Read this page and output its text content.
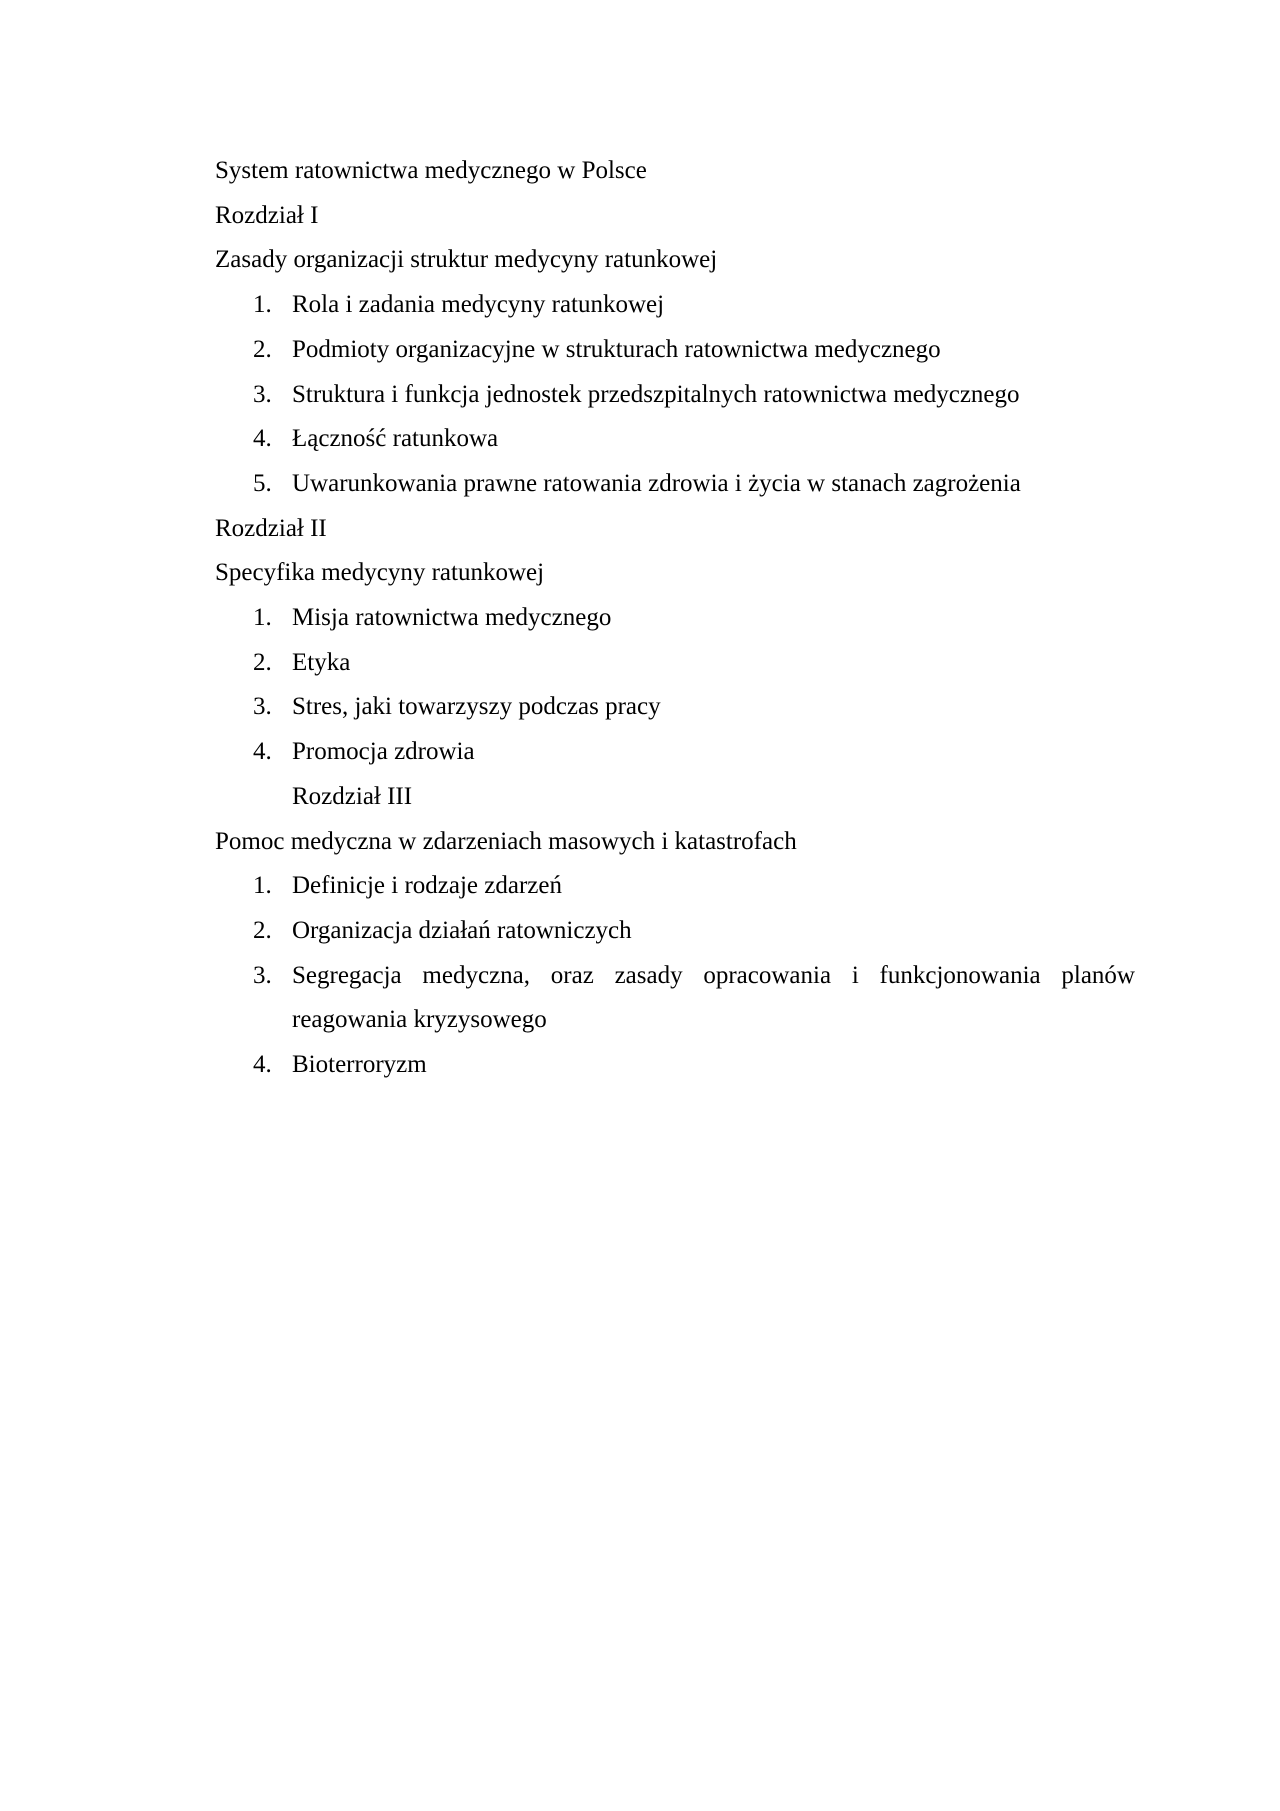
System ratownictwa medycznego w Polsce
Rozdział I
Zasady organizacji struktur medycyny ratunkowej
1. Rola i zadania medycyny ratunkowej
2. Podmioty organizacyjne w strukturach ratownictwa medycznego
3. Struktura i funkcja jednostek przedszpitalnych ratownictwa medycznego
4. Łączność ratunkowa
5. Uwarunkowania prawne ratowania zdrowia i życia w stanach zagrożenia
Rozdział II
Specyfika medycyny ratunkowej
1. Misja ratownictwa medycznego
2. Etyka
3. Stres, jaki towarzyszy podczas pracy
4. Promocja zdrowia
Rozdział III
Pomoc medyczna w zdarzeniach masowych i katastrofach
1. Definicje i rodzaje zdarzeń
2. Organizacja działań ratowniczych
3. Segregacja medyczna, oraz zasady opracowania i funkcjonowania planów
reagowania kryzysowego
4. Bioterroryzm
